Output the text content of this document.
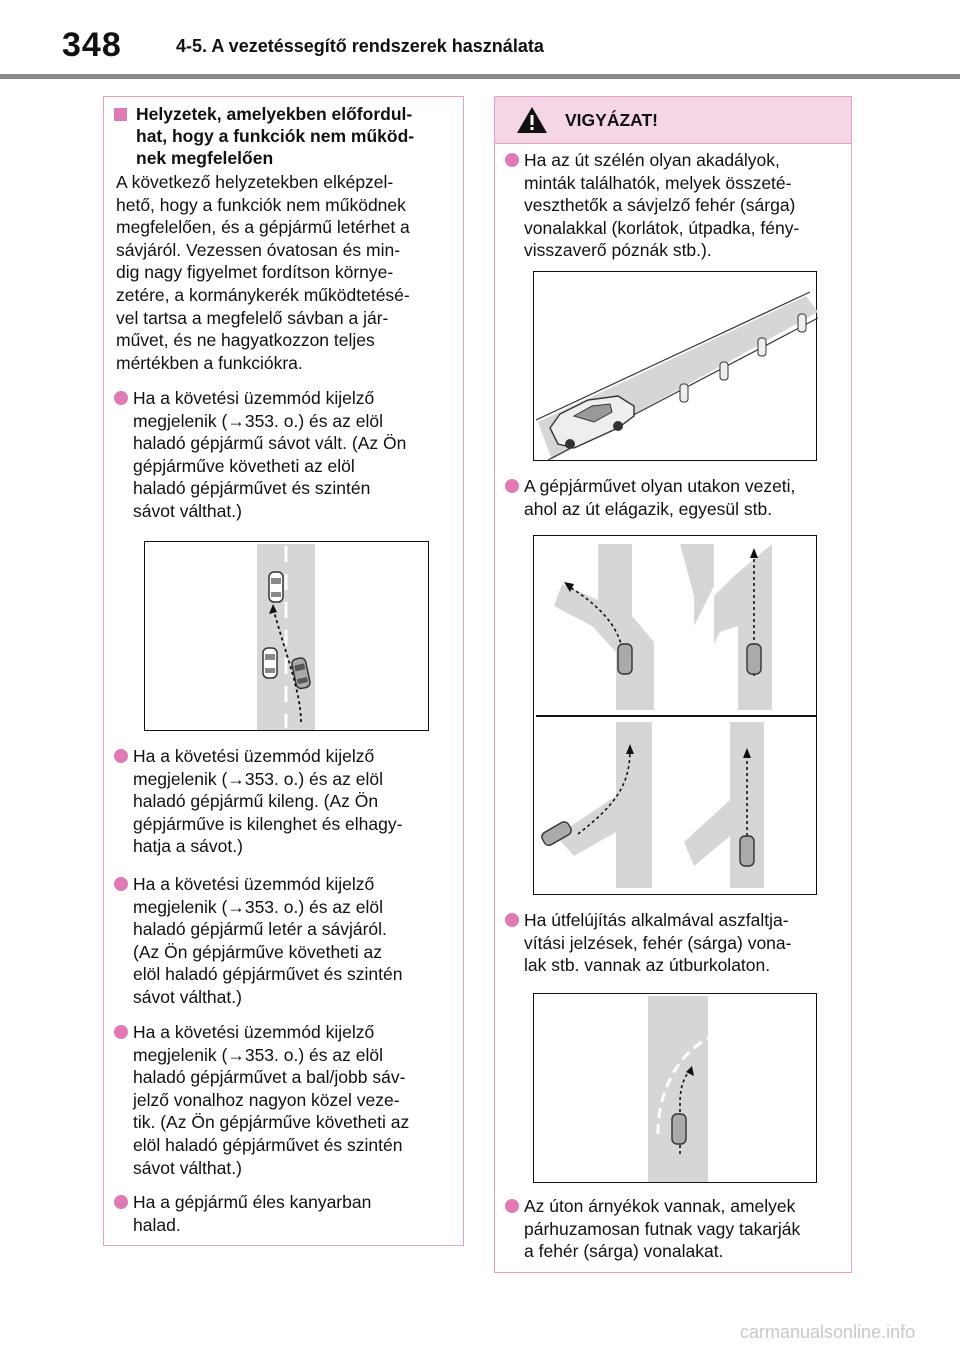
348	4-5. A vezetéssegítő rendszerek használata
Helyzetek, amelyekben előfordul-
hat, hogy a funkciók nem működ-
nek megfelelően
A következő helyzetekben elképzel-
hető, hogy a funkciók nem működnek
megfelelően, és a gépjármű letérhet a
sávjáról. Vezessen óvatosan és min-
dig nagy figyelmet fordítson környe-
zetére, a kormánykerék működtetésé-
vel tartsa a megfelelő sávban a jár-
művet, és ne hagyatkozzon teljes
mértékben a funkciókra.
Ha a követési üzemmód kijelző
megjelenik (→353. o.) és az elöl
haladó gépjármű sávot vált. (Az Ön
gépjárműve követheti az elöl
haladó gépjárművet és szintén
sávot válthat.)
Ha a követési üzemmód kijelző
megjelenik (→353. o.) és az elöl
haladó gépjármű kileng. (Az Ön
gépjárműve is kilenghet és elhagy-
hatja a sávot.)
Ha a követési üzemmód kijelző
megjelenik (→353. o.) és az elöl
haladó gépjármű letér a sávjáról.
(Az Ön gépjárműve követheti az
elöl haladó gépjárművet és szintén
sávot válthat.)
Ha a követési üzemmód kijelző
megjelenik (→353. o.) és az elöl
haladó gépjárművet a bal/jobb sáv-
jelző vonalhoz nagyon közel veze-
tik. (Az Ön gépjárműve követheti az
elöl haladó gépjárművet és szintén
sávot válthat.)
Ha a gépjármű éles kanyarban
halad.
VIGYÁZAT!
Ha az út szélén olyan akadályok,
minták találhatók, melyek összeté-
veszthetők a sávjelző fehér (sárga)
vonalakkal (korlátok, útpadka, fény-
visszaverő póznák stb.).
A gépjárművet olyan utakon vezeti,
ahol az út elágazik, egyesül stb.
Ha útfelújítás alkalmával aszfaltja-
vítási jelzések, fehér (sárga) vona-
lak stb. vannak az útburkolaton.
Az úton árnyékok vannak, amelyek
párhuzamosan futnak vagy takarják
a fehér (sárga) vonalakat.
carmanualsonline.info
